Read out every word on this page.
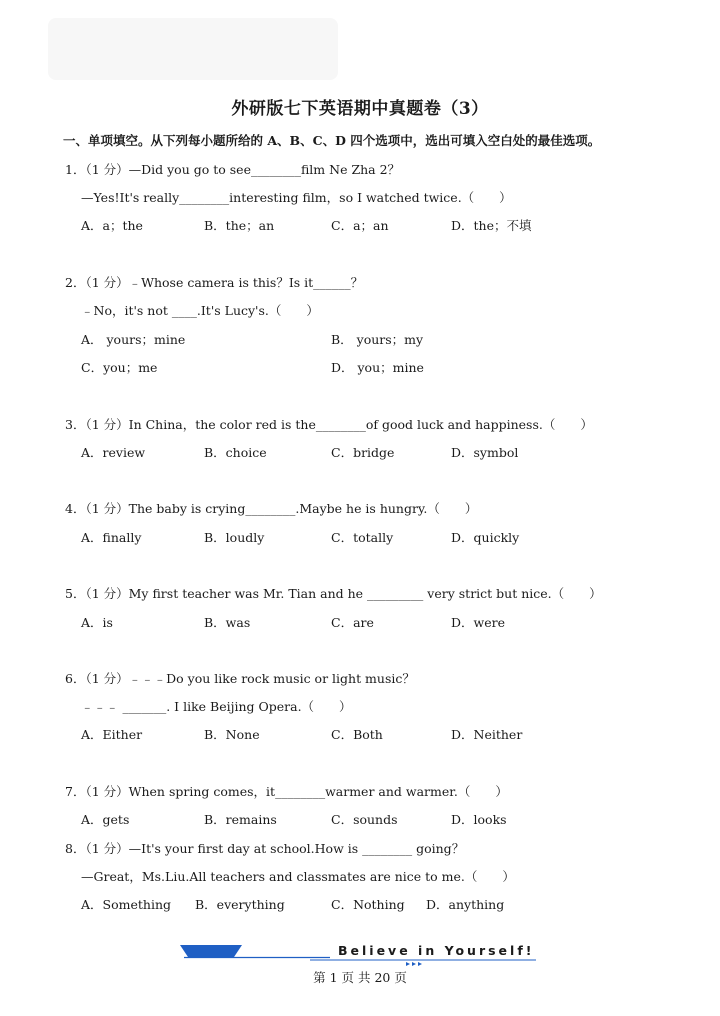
外研版七下英语期中真题卷（3）
一、单项填空。从下列每小题所给的 A、B、C、D 四个选项中，选出可填入空白处的最佳选项。
1．（1 分）—Did you go to see________film Ne Zha 2？
—Yes!It's really________interesting film，so I watched twice.（　　）
A．a；the	B．the；an	C．a；an	D．the；不填
2．（1 分）﹣Whose camera is this？Is it______？
﹣No，it's not ____.It's Lucy's.（　　）
A． yours；mine	B． yours；my
C．you；me	D． you；mine
3．（1 分）In China，the color red is the________of good luck and happiness.（　　）
A．review	B．choice	C．bridge	D．symbol
4．（1 分）The baby is crying________.Maybe he is hungry.（　　）
A．finally	B．loudly	C．totally	D．quickly
5．（1 分）My first teacher was Mr. Tian and he _________ very strict but nice.（　　）
A．is	B．was	C．are	D．were
6．（1 分）﹣﹣﹣Do you like rock music or light music？
﹣﹣﹣ _______. I like Beijing Opera.（　　）
A．Either	B．None	C．Both	D．Neither
7．（1 分）When spring comes，it________warmer and warmer.（　　）
A．gets	B．remains	C．sounds	D．looks
8．（1 分）—It's your first day at school.How is ________ going？
—Great，Ms.Liu.All teachers and classmates are nice to me.（　　）
A．Something B．everything	C．Nothing D．anything
Believe in Yourself!
第 1 页 共 20 页
